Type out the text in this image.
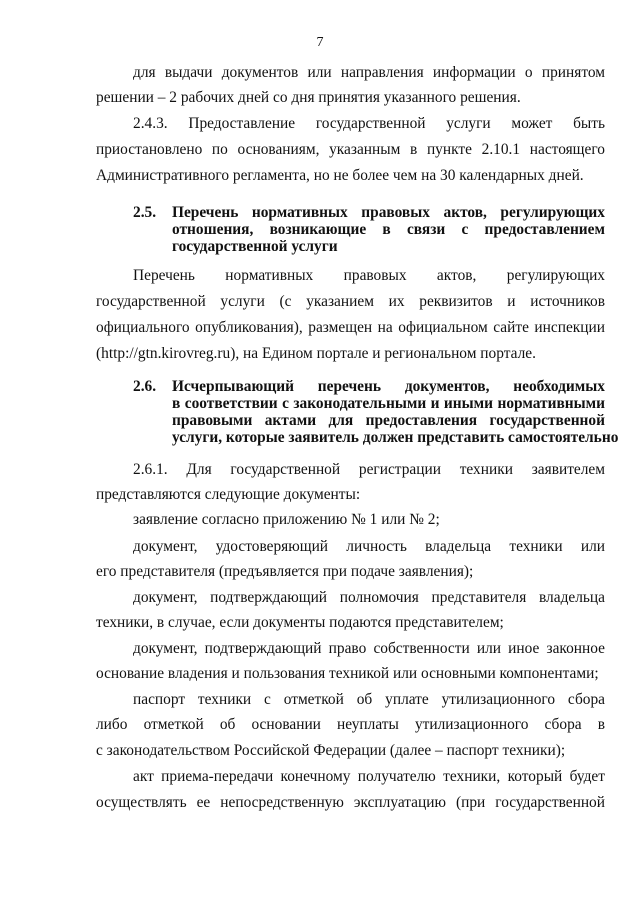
7
для выдачи документов или направления информации о принятом
решении – 2 рабочих дней со дня принятия указанного решения.
2.4.3. Предоставление государственной услуги может быть
приостановлено по основаниям, указанным в пункте 2.10.1 настоящего
Административного регламента, но не более чем на 30 календарных дней.
2.5. Перечень нормативных правовых актов, регулирующих
отношения, возникающие в связи с предоставлением
государственной услуги
Перечень нормативных правовых актов, регулирующих
государственной услуги (с указанием их реквизитов и источников
официального опубликования), размещен на официальном сайте инспекции
(http://gtn.kirovreg.ru), на Едином портале и региональном портале.
2.6. Исчерпывающий перечень документов, необходимых
в соответствии с законодательными и иными нормативными
правовыми актами для предоставления государственной
услуги, которые заявитель должен представить самостоятельно
2.6.1. Для государственной регистрации техники заявителем
представляются следующие документы:
заявление согласно приложению № 1 или № 2;
документ, удостоверяющий личность владельца техники или
его представителя (предъявляется при подаче заявления);
документ, подтверждающий полномочия представителя владельца
техники, в случае, если документы подаются представителем;
документ, подтверждающий право собственности или иное законное
основание владения и пользования техникой или основными компонентами;
паспорт техники с отметкой об уплате утилизационного сбора
либо отметкой об основании неуплаты утилизационного сбора в
с законодательством Российской Федерации (далее – паспорт техники);
акт приема-передачи конечному получателю техники, который будет
осуществлять ее непосредственную эксплуатацию (при государственной
